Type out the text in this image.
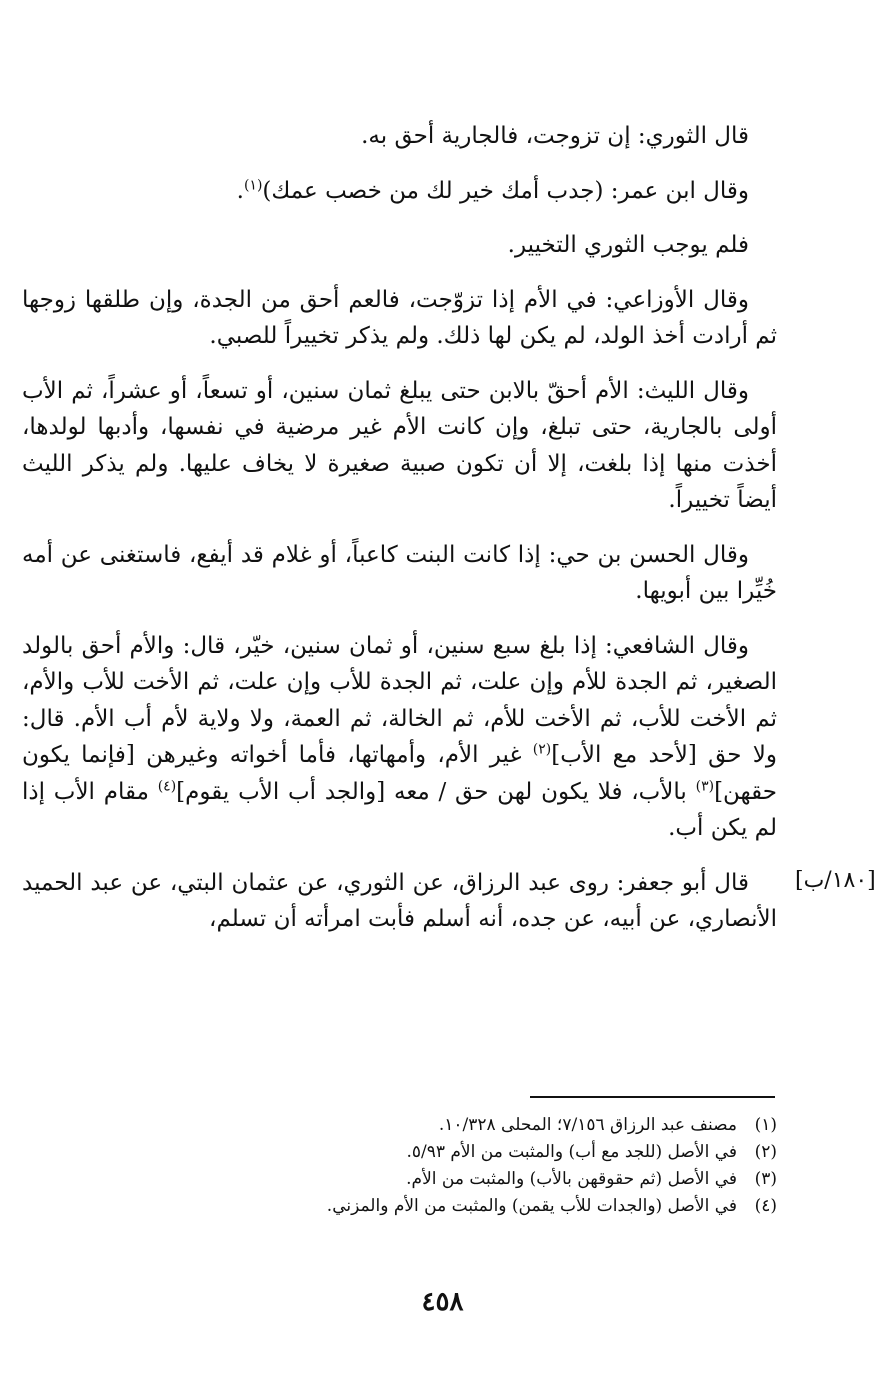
قال الثوري: إن تزوجت، فالجارية أحق به.

وقال ابن عمر: (جدب أمك خير لك من خصب عمك)$^{(١)}$.

فلم يوجب الثوري التخيير.

وقال الأوزاعي: في الأم إذا تزوّجت، فالعم أحق من الجدة، وإن طلقها زوجها ثم أرادت أخذ الولد، لم يكن لها ذلك. ولم يذكر تخييراً للصبي.

وقال الليث: الأم أحقّ بالابن حتى يبلغ ثمان سنين، أو تسعاً، أو عشراً، ثم الأب أولى بالجارية، حتى تبلغ، وإن كانت الأم غير مرضية في نفسها، وأدبها لولدها، أخذت منها إذا بلغت، إلا أن تكون صبية صغيرة لا يخاف عليها. ولم يذكر الليث أيضاً تخييراً.

وقال الحسن بن حي: إذا كانت البنت كاعباً، أو غلام قد أيفع، فاستغنى عن أمه خُيِّرا بين أبويها.

وقال الشافعي: إذا بلغ سبع سنين، أو ثمان سنين، خيّر، قال: والأم أحق بالولد الصغير، ثم الجدة للأم وإن علت، ثم الجدة للأب وإن علت، ثم الأخت للأب والأم، ثم الأخت للأب، ثم الأخت للأم، ثم الخالة، ثم العمة، ولا ولاية لأم أب الأم. قال: ولا حق [لأحد مع الأب]$^{(٢)}$ غير الأم، وأمهاتها، فأما أخواته وغيرهن [فإنما يكون حقهن]$^{(٣)}$ بالأب، فلا يكون لهن حق / معه [والجد أب الأب يقوم]$^{(٤)}$ مقام الأب إذا لم يكن أب.

قال أبو جعفر: روى عبد الرزاق، عن الثوري، عن عثمان البتي، عن عبد الحميد الأنصاري، عن أبيه، عن جده، أنه أسلم فأبت امرأته أن تسلم،

[١٨٠/ب]

(١)مصنف عبد الرزاق ٧/١٥٦؛ المحلى ١٠/٣٢٨.

(٢)في الأصل (للجد مع أب) والمثبت من الأم ٥/٩٣.

(٣)في الأصل (ثم حقوقهن بالأب) والمثبت من الأم.

(٤)في الأصل (والجدات للأب يقمن) والمثبت من الأم والمزني.

٤٥٨
